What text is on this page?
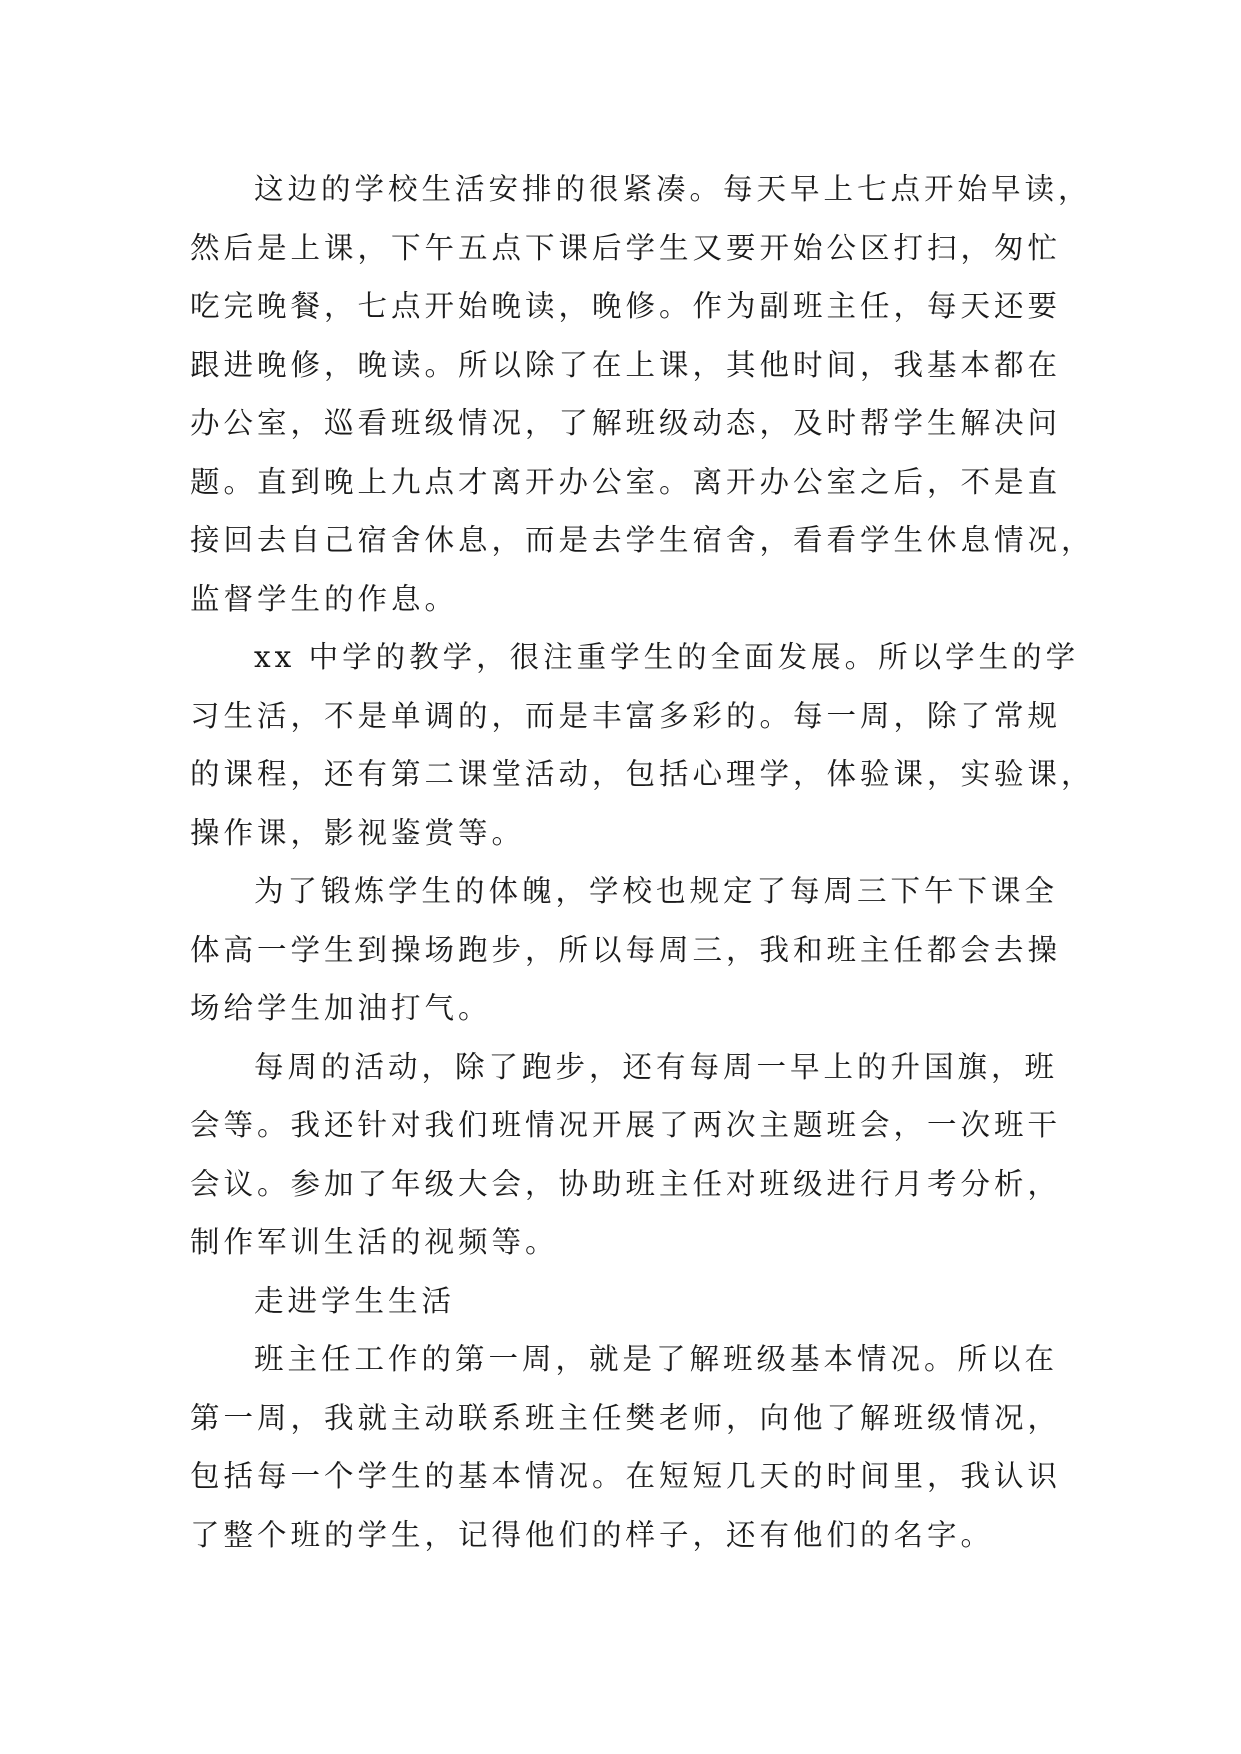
这边的学校生活安排的很紧凑。每天早上七点开始早读，
然后是上课，下午五点下课后学生又要开始公区打扫，匆忙
吃完晚餐，七点开始晚读，晚修。作为副班主任，每天还要
跟进晚修，晚读。所以除了在上课，其他时间，我基本都在
办公室，巡看班级情况，了解班级动态，及时帮学生解决问
题。直到晚上九点才离开办公室。离开办公室之后，不是直
接回去自己宿舍休息，而是去学生宿舍，看看学生休息情况，
监督学生的作息。
xx 中学的教学，很注重学生的全面发展。所以学生的学
习生活，不是单调的，而是丰富多彩的。每一周，除了常规
的课程，还有第二课堂活动，包括心理学，体验课，实验课，
操作课，影视鉴赏等。
为了锻炼学生的体魄，学校也规定了每周三下午下课全
体高一学生到操场跑步，所以每周三，我和班主任都会去操
场给学生加油打气。
每周的活动，除了跑步，还有每周一早上的升国旗，班
会等。我还针对我们班情况开展了两次主题班会，一次班干
会议。参加了年级大会，协助班主任对班级进行月考分析，
制作军训生活的视频等。
走进学生生活
班主任工作的第一周，就是了解班级基本情况。所以在
第一周，我就主动联系班主任樊老师，向他了解班级情况，
包括每一个学生的基本情况。在短短几天的时间里，我认识
了整个班的学生，记得他们的样子，还有他们的名字。
